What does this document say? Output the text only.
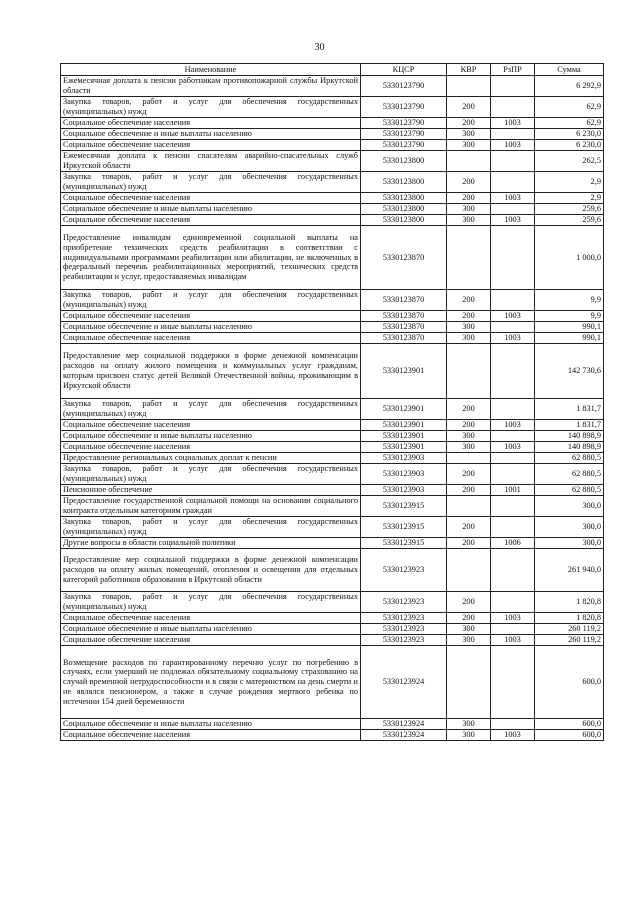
30
Наименование	КЦСР	КВР	РзПР	Сумма
Ежемесячная доплата к пенсии работникам противопожарной службы Иркутской области	5330123790			6 292,9
Закупка товаров, работ и услуг для обеспечения государственных (муниципальных) нужд	5330123790	200		62,9
Социальное обеспечение населения	5330123790	200	1003	62,9
Социальное обеспечение и иные выплаты населению	5330123790	300		6 230,0
Социальное обеспечение населения	5330123790	300	1003	6 230,0
Ежемесячная доплата к пенсии спасателям аварийно-спасательных служб Иркутской области	5330123800			262,5
Закупка товаров, работ и услуг для обеспечения государственных (муниципальных) нужд	5330123800	200		2,9
Социальное обеспечение населения	5330123800	200	1003	2,9
Социальное обеспечение и иные выплаты населению	5330123800	300		259,6
Социальное обеспечение населения	5330123800	300	1003	259,6
Предоставление инвалидам единовременной социальной выплаты на приобретение технических средств реабилитации в соответствии с индивидуальными программами реабилитации или абилитации, не включенных в федеральный перечень реабилитационных мероприятий, технических средств реабилитации и услуг, предоставляемых инвалидам	5330123870			1 000,0
Закупка товаров, работ и услуг для обеспечения государственных (муниципальных) нужд	5330123870	200		9,9
Социальное обеспечение населения	5330123870	200	1003	9,9
Социальное обеспечение и иные выплаты населению	5330123870	300		990,1
Социальное обеспечение населения	5330123870	300	1003	990,1
Предоставление мер социальной поддержки в форме денежной компенсации расходов на оплату жилого помещения и коммунальных услуг гражданам, которым присвоен статус детей Великой Отечественной войны, проживающим в Иркутской области	5330123901			142 730,6
Закупка товаров, работ и услуг для обеспечения государственных (муниципальных) нужд	5330123901	200		1 831,7
Социальное обеспечение населения	5330123901	200	1003	1 831,7
Социальное обеспечение и иные выплаты населению	5330123901	300		140 898,9
Социальное обеспечение населения	5330123901	300	1003	140 898,9
Предоставление региональных социальных доплат к пенсии	5330123903			62 880,5
Закупка товаров, работ и услуг для обеспечения государственных (муниципальных) нужд	5330123903	200		62 880,5
Пенсионное обеспечение	5330123903	200	1001	62 880,5
Предоставление государственной социальной помощи на основании социального контракта отдельным категориям граждан	5330123915			300,0
Закупка товаров, работ и услуг для обеспечения государственных (муниципальных) нужд	5330123915	200		300,0
Другие вопросы в области социальной политики	5330123915	200	1006	300,0
Предоставление мер социальной поддержки в форме денежной компенсации расходов на оплату жилых помещений, отопления и освещения для отдельных категорий работников образования в Иркутской области	5330123923			261 940,0
Закупка товаров, работ и услуг для обеспечения государственных (муниципальных) нужд	5330123923	200		1 820,8
Социальное обеспечение населения	5330123923	200	1003	1 820,8
Социальное обеспечение и иные выплаты населению	5330123923	300		260 119,2
Социальное обеспечение населения	5330123923	300	1003	260 119,2
Возмещение расходов по гарантированному перечню услуг по погребению в случаях, если умерший не подлежал обязательному социальному страхованию на случай временной нетрудоспособности и в связи с материнством на день смерти и не являлся пенсионером, а также в случае рождения мертвого ребенка по истечении 154 дней беременности	5330123924			600,0
Социальное обеспечение и иные выплаты населению	5330123924	300		600,0
Социальное обеспечение населения	5330123924	300	1003	600,0
